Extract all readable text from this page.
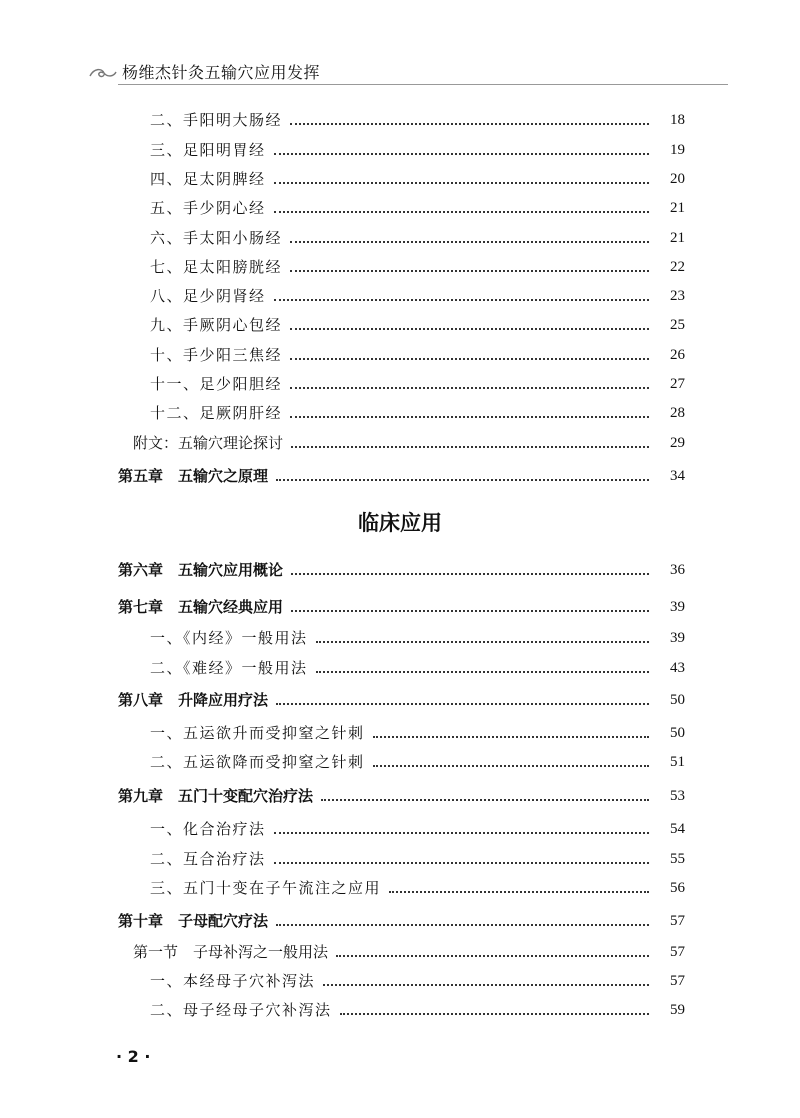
杨维杰针灸五输穴应用发挥
二、手阳明大肠经	18
三、足阳明胃经	19
四、足太阴脾经	20
五、手少阴心经	21
六、手太阳小肠经	21
七、足太阳膀胱经	22
八、足少阴肾经	23
九、手厥阴心包经	25
十、手少阳三焦经	26
十一、足少阳胆经	27
十二、足厥阴肝经	28
附文：五输穴理论探讨	29
第五章　五输穴之原理	34
临床应用
第六章　五输穴应用概论	36
第七章　五输穴经典应用	39
一、《内经》一般用法	39
二、《难经》一般用法	43
第八章　升降应用疗法	50
一、五运欲升而受抑窒之针刺	50
二、五运欲降而受抑窒之针刺	51
第九章　五门十变配穴治疗法	53
一、化合治疗法	54
二、互合治疗法	55
三、五门十变在子午流注之应用	56
第十章　子母配穴疗法	57
第一节　子母补泻之一般用法	57
一、本经母子穴补泻法	57
二、母子经母子穴补泻法	59
· 2 ·
